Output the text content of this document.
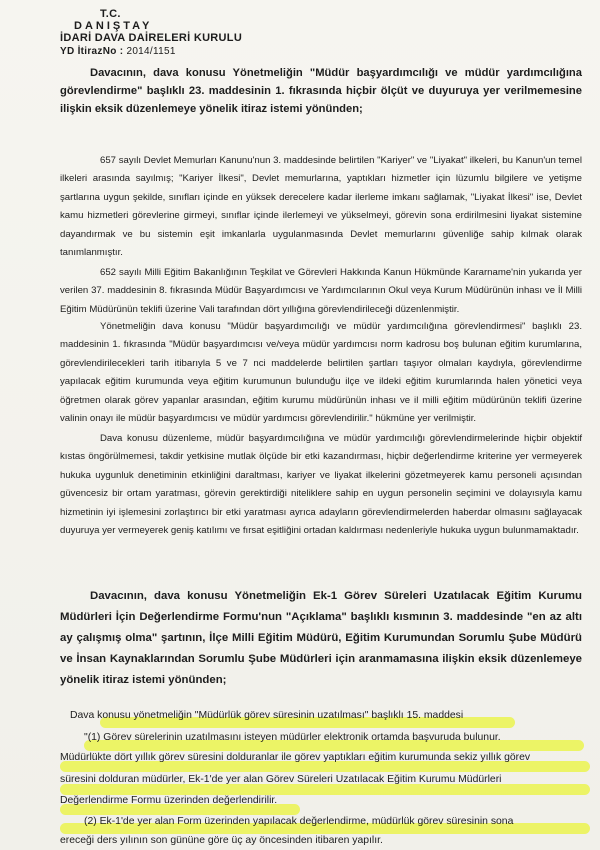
T.C.
DANIŞTAY
İDARİ DAVA DAİRELERİ KURULU
YD İtirazNo : 2014/1151

Davacının, dava konusu Yönetmeliğin "Müdür başyardımcılığı ve müdür yardımcılığına görevlendirme" başlıklı 23. maddesinin 1. fıkrasında hiçbir ölçüt ve duyuruya yer verilmemesine ilişkin eksik düzenlemeye yönelik itiraz istemi yönünden;

657 sayılı Devlet Memurları Kanunu'nun 3. maddesinde belirtilen "Kariyer" ve "Liyakat" ilkeleri, bu Kanun'un temel ilkeleri arasında sayılmış; "Kariyer İlkesi", Devlet memurlarına, yaptıkları hizmetler için lüzumlu bilgilere ve yetişme şartlarına uygun şekilde, sınıfları içinde en yüksek derecelere kadar ilerleme imkanı sağlamak, "Liyakat İlkesi" ise, Devlet kamu hizmetleri görevlerine girmeyi, sınıflar içinde ilerlemeyi ve yükselmeyi, görevin sona erdirilmesini liyakat sistemine dayandırmak ve bu sistemin eşit imkanlarla uygulanmasında Devlet memurlarını güvenliğe sahip kılmak olarak tanımlanmıştır.

652 sayılı Milli Eğitim Bakanlığının Teşkilat ve Görevleri Hakkında Kanun Hükmünde Kararname'nin yukarıda yer verilen 37. maddesinin 8. fıkrasında Müdür Başyardımcısı ve Yardımcılarının Okul veya Kurum Müdürünün inhası ve İl Milli Eğitim Müdürünün teklifi üzerine Vali tarafından dört yıllığına görevlendirileceği düzenlenmiştir.

Yönetmeliğin dava konusu "Müdür başyardımcılığı ve müdür yardımcılığına görevlendirmesi" başlıklı 23. maddesinin 1. fıkrasında "Müdür başyardımcısı ve/veya müdür yardımcısı norm kadrosu boş bulunan eğitim kurumlarına, görevlendirilecekleri tarih itibarıyla 5 ve 7 nci maddelerde belirtilen şartları taşıyor olmaları kaydıyla, görevlendirme yapılacak eğitim kurumunda veya eğitim kurumunun bulunduğu ilçe ve ildeki eğitim kurumlarında halen yönetici veya öğretmen olarak görev yapanlar arasından, eğitim kurumu müdürünün inhası ve il milli eğitim müdürünün teklifi üzerine valinin onayı ile müdür başyardımcısı ve müdür yardımcısı görevlendirilir." hükmüne yer verilmiştir.

Dava konusu düzenleme, müdür başyardımcılığına ve müdür yardımcılığı görevlendirmelerinde hiçbir objektif kıstas öngörülmemesi, takdir yetkisine mutlak ölçüde bir etki kazandırması, hiçbir değerlendirme kriterine yer vermeyerek hukuka uygunluk denetiminin etkinliğini daraltması, kariyer ve liyakat ilkelerini gözetmeyerek kamu personeli açısından güvencesiz bir ortam yaratması, görevin gerektirdiği niteliklere sahip en uygun personelin seçimini ve dolayısıyla kamu hizmetinin iyi işlemesini zorlaştırıcı bir etki yaratması ayrıca adayların görevlendirmelerden haberdar olmasını sağlayacak duyuruya yer vermeyerek geniş katılımı ve fırsat eşitliğini ortadan kaldırması nedenleriyle hukuka uygun bulunmamaktadır.

Davacının, dava konusu Yönetmeliğin Ek-1 Görev Süreleri Uzatılacak Eğitim Kurumu Müdürleri İçin Değerlendirme Formu'nun "Açıklama" başlıklı kısmının 3. maddesinde "en az altı ay çalışmış olma" şartının, İlçe Milli Eğitim Müdürü, Eğitim Kurumundan Sorumlu Şube Müdürü ve İnsan Kaynaklarından Sorumlu Şube Müdürleri için aranmamasına ilişkin eksik düzenlemeye yönelik itiraz istemi yönünden;

Dava konusu yönetmeliğin "Müdürlük görev süresinin uzatılması" başlıklı 15. maddesi
"(1) Görev sürelerinin uzatılmasını isteyen müdürler elektronik ortamda başvuruda bulunur.
Müdürlükte dört yıllık görev süresini dolduranlar ile görev yaptıkları eğitim kurumunda sekiz yıllık görev
süresini dolduran müdürler, Ek-1'de yer alan Görev Süreleri Uzatılacak Eğitim Kurumu Müdürleri
Değerlendirme Formu üzerinden değerlendirilir.
(2) Ek-1'de yer alan Form üzerinden yapılacak değerlendirme, müdürlük görev süresinin sona
ereceği ders yılının son gününe göre üç ay öncesinden itibaren yapılır.
